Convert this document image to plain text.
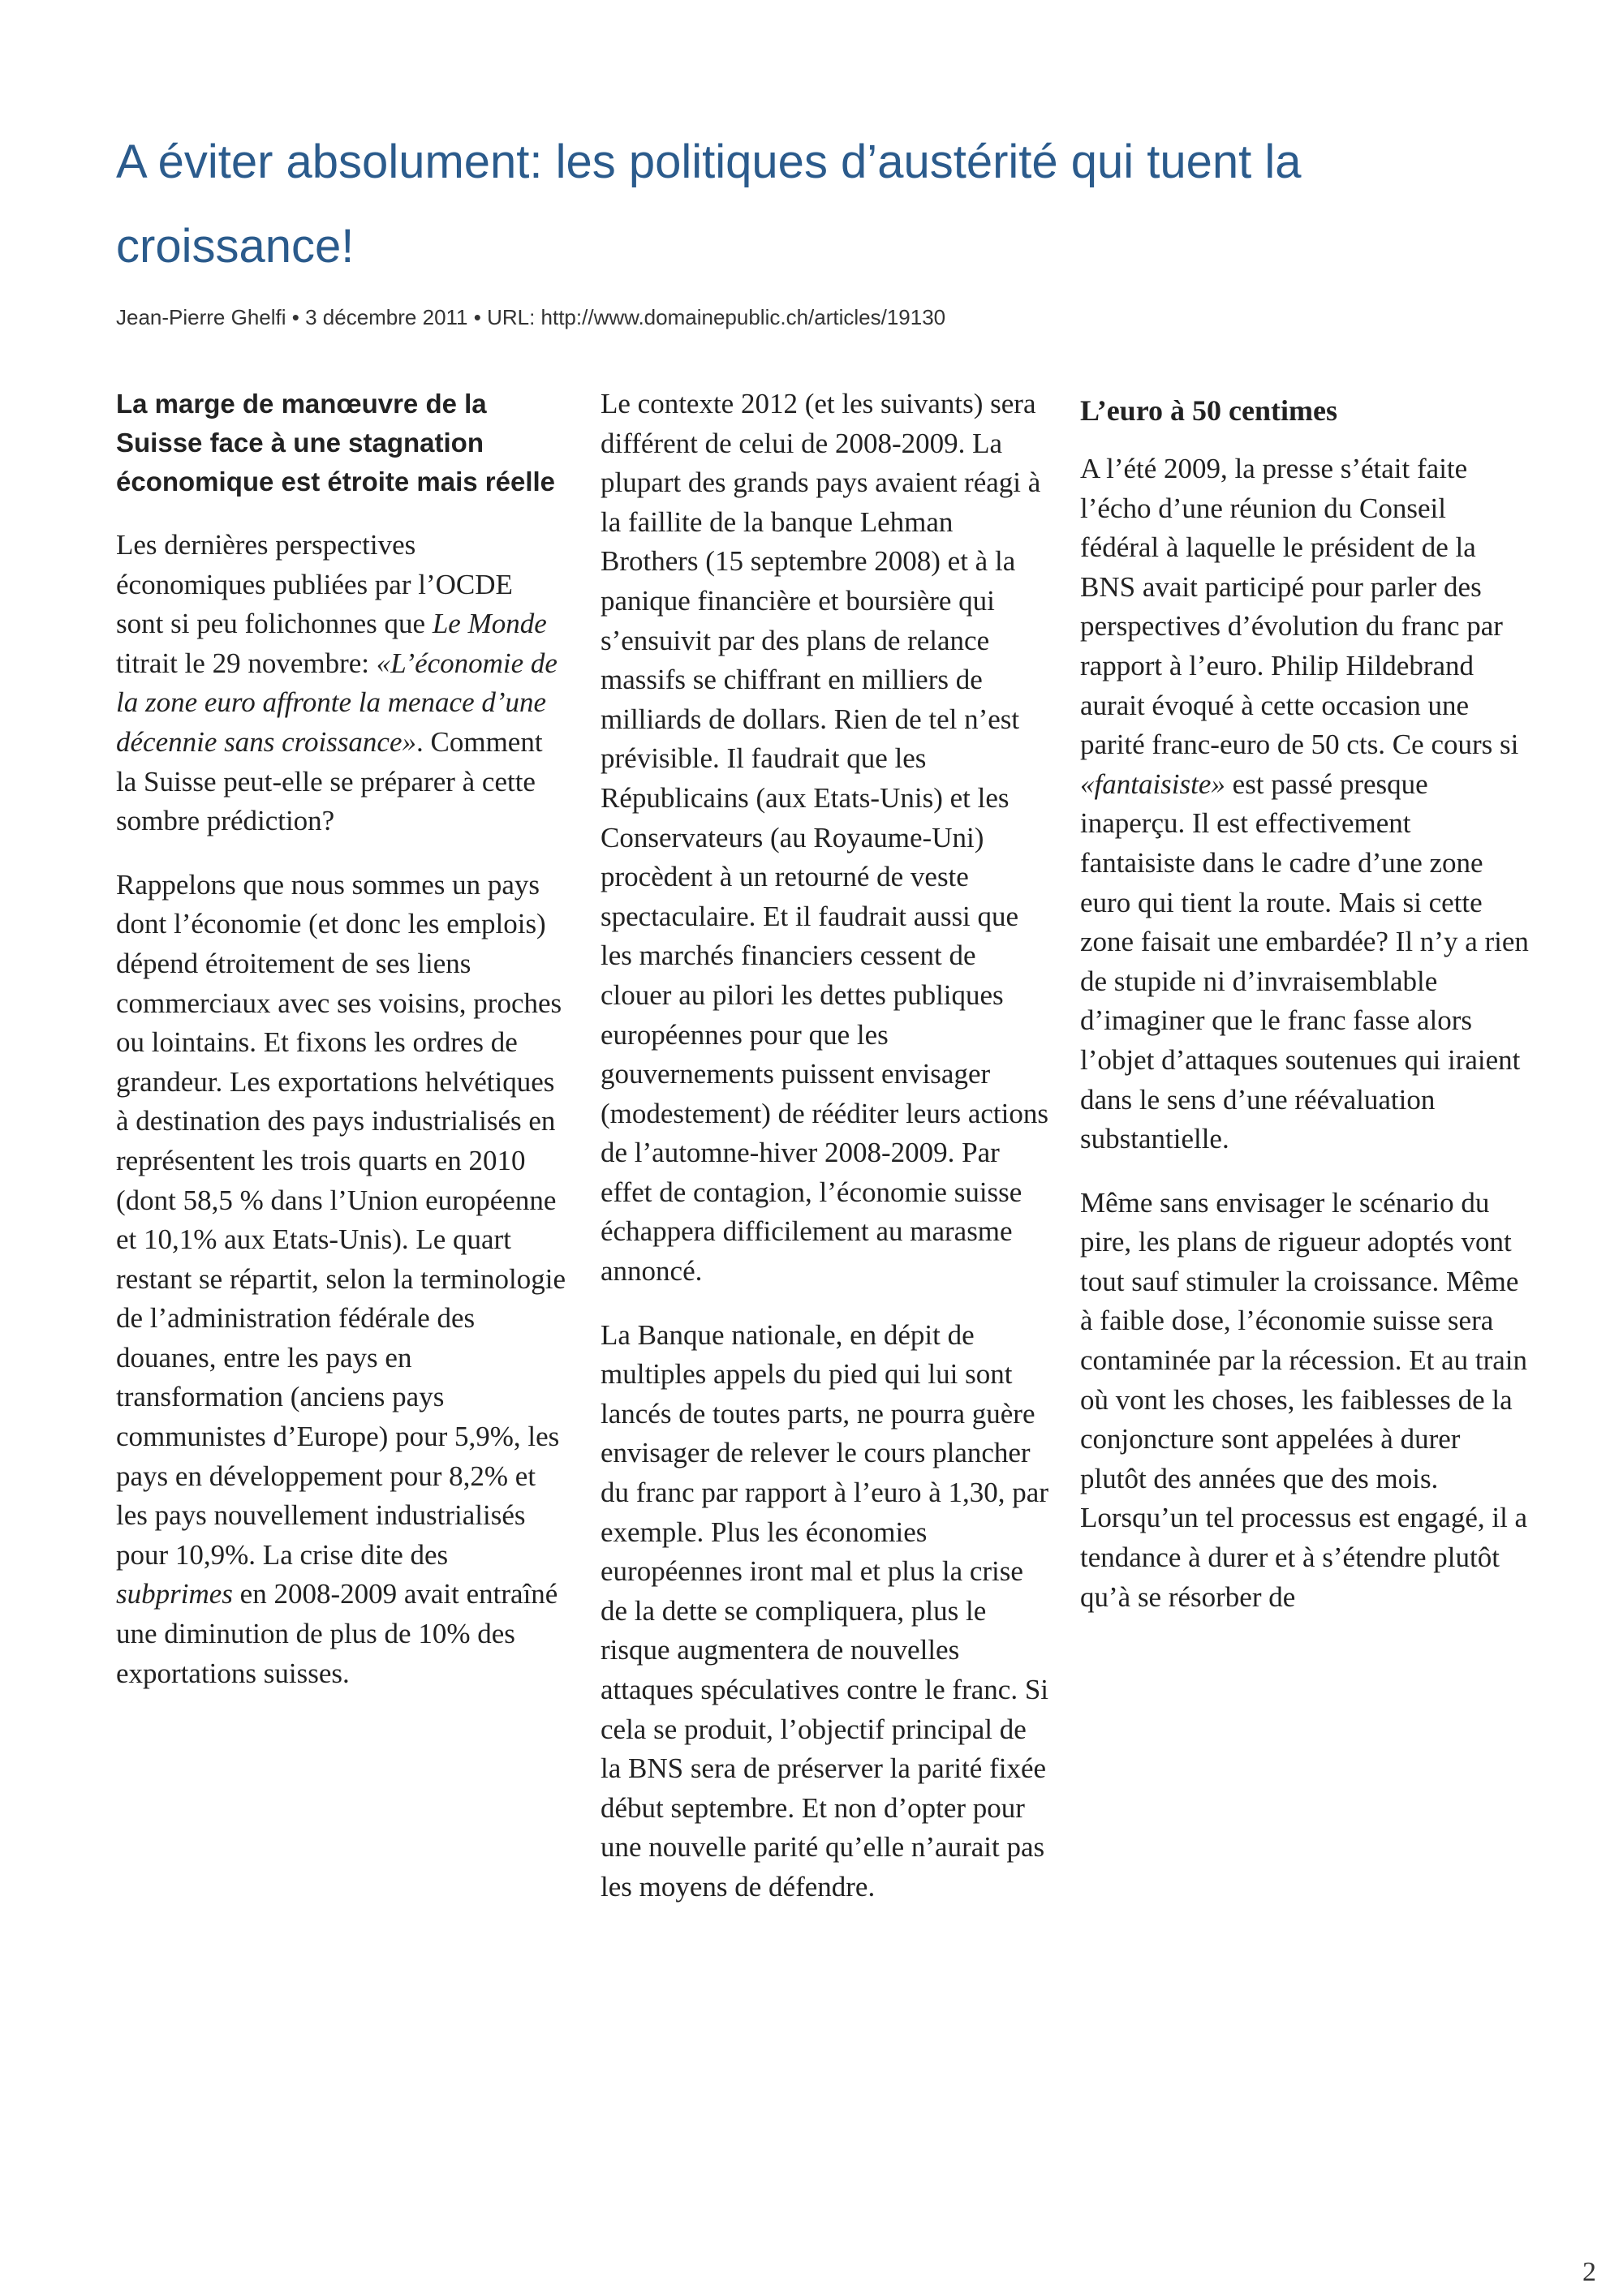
A éviter absolument: les politiques d’austérité qui tuent la croissance!
Jean-Pierre Ghelfi • 3 décembre 2011 • URL: http://www.domainepublic.ch/articles/19130

La marge de manœuvre de la Suisse face à une stagnation économique est étroite mais réelle

Les dernières perspectives économiques publiées par l’OCDE sont si peu folichonnes que Le Monde titrait le 29 novembre: «L’économie de la zone euro affronte la menace d’une décennie sans croissance». Comment la Suisse peut-elle se préparer à cette sombre prédiction?

Rappelons que nous sommes un pays dont l’économie (et donc les emplois) dépend étroitement de ses liens commerciaux avec ses voisins, proches ou lointains. Et fixons les ordres de grandeur. Les exportations helvétiques à destination des pays industrialisés en représentent les trois quarts en 2010 (dont 58,5 % dans l’Union européenne et 10,1% aux Etats-Unis). Le quart restant se répartit, selon la terminologie de l’administration fédérale des douanes, entre les pays en transformation (anciens pays communistes d’Europe) pour 5,9%, les pays en développement pour 8,2% et les pays nouvellement industrialisés pour 10,9%. La crise dite des subprimes en 2008-2009 avait entraîné une diminution de plus de 10% des exportations suisses.

Le contexte 2012 (et les suivants) sera différent de celui de 2008-2009. La plupart des grands pays avaient réagi à la faillite de la banque Lehman Brothers (15 septembre 2008) et à la panique financière et boursière qui s’ensuivit par des plans de relance massifs se chiffrant en milliers de milliards de dollars. Rien de tel n’est prévisible. Il faudrait que les Républicains (aux Etats-Unis) et les Conservateurs (au Royaume-Uni) procèdent à un retourné de veste spectaculaire. Et il faudrait aussi que les marchés financiers cessent de clouer au pilori les dettes publiques européennes pour que les gouvernements puissent envisager (modestement) de rééditer leurs actions de l’automne-hiver 2008-2009. Par effet de contagion, l’économie suisse échappera difficilement au marasme annoncé.

La Banque nationale, en dépit de multiples appels du pied qui lui sont lancés de toutes parts, ne pourra guère envisager de relever le cours plancher du franc par rapport à l’euro à 1,30, par exemple. Plus les économies européennes iront mal et plus la crise de la dette se compliquera, plus le risque augmentera de nouvelles attaques spéculatives contre le franc. Si cela se produit, l’objectif principal de la BNS sera de préserver la parité fixée début septembre. Et non d’opter pour une nouvelle parité qu’elle n’aurait pas les moyens de défendre.

L’euro à 50 centimes

A l’été 2009, la presse s’était faite l’écho d’une réunion du Conseil fédéral à laquelle le président de la BNS avait participé pour parler des perspectives d’évolution du franc par rapport à l’euro. Philip Hildebrand aurait évoqué à cette occasion une parité franc-euro de 50 cts. Ce cours si «fantaisiste» est passé presque inaperçu. Il est effectivement fantaisiste dans le cadre d’une zone euro qui tient la route. Mais si cette zone faisait une embardée? Il n’y a rien de stupide ni d’invraisemblable d’imaginer que le franc fasse alors l’objet d’attaques soutenues qui iraient dans le sens d’une réévaluation substantielle.

Même sans envisager le scénario du pire, les plans de rigueur adoptés vont tout sauf stimuler la croissance. Même à faible dose, l’économie suisse sera contaminée par la récession. Et au train où vont les choses, les faiblesses de la conjoncture sont appelées à durer plutôt des années que des mois. Lorsqu’un tel processus est engagé, il a tendance à durer et à s’étendre plutôt qu’à se résorber de

2
